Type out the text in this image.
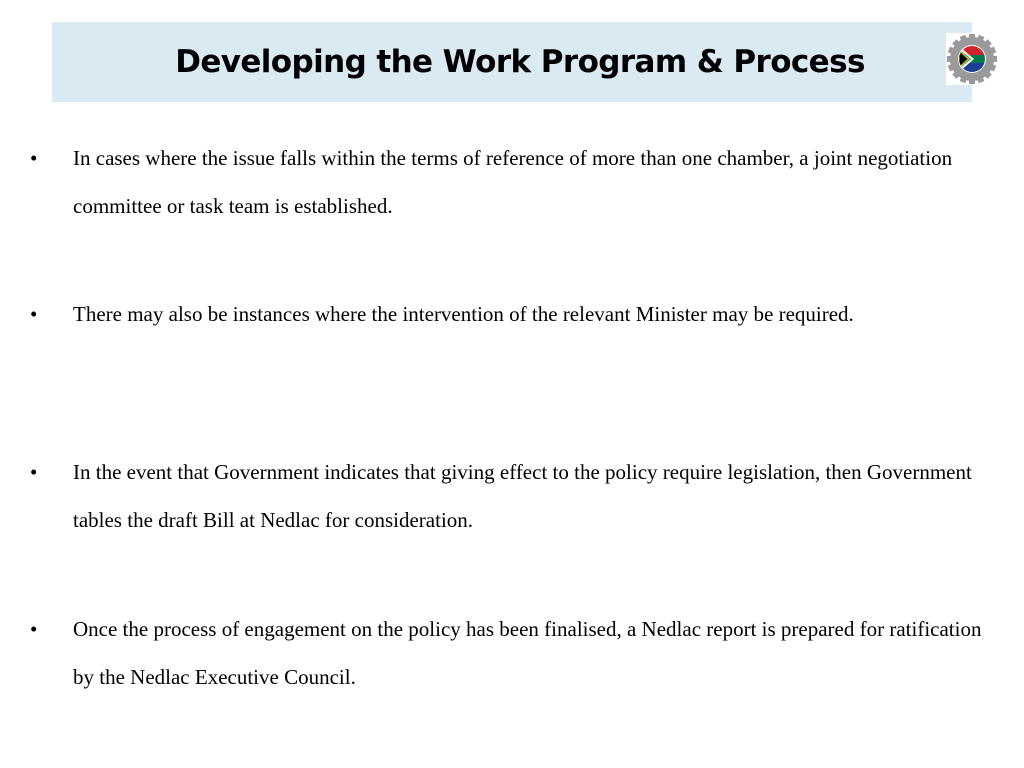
Developing the Work Program & Process
• In cases where the issue falls within the terms of reference of more than one chamber, a joint negotiation committee or task team is established.
• There may also be instances where the intervention of the relevant Minister may be required.
• In the event that Government indicates that giving effect to the policy require legislation, then Government tables the draft Bill at Nedlac for consideration.
• Once the process of engagement on the policy has been finalised, a Nedlac report is prepared for ratification by the Nedlac Executive Council.
